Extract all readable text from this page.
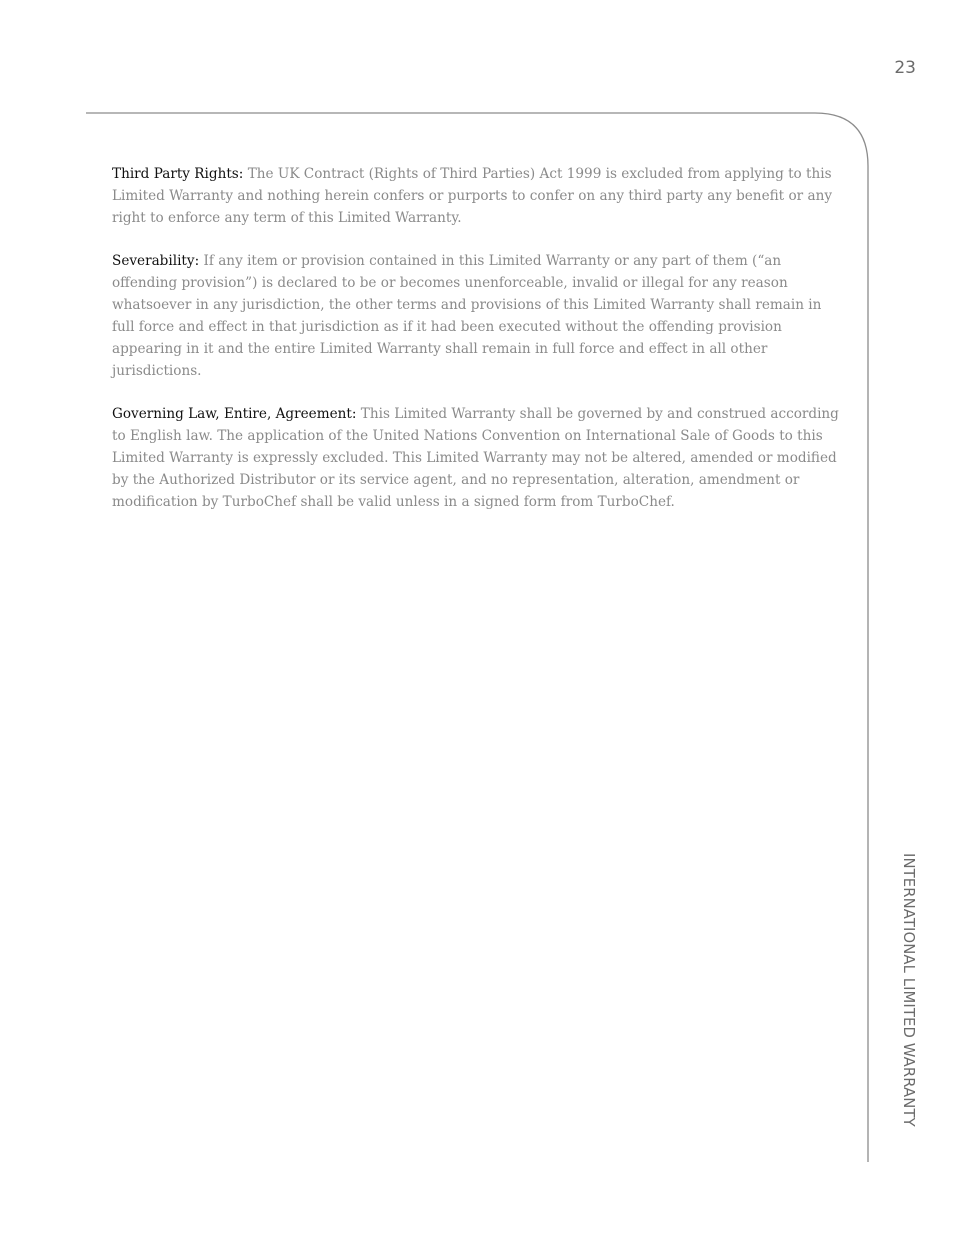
23

Third Party Rights: The UK Contract (Rights of Third Parties) Act 1999 is excluded from applying to this Limited Warranty and nothing herein confers or purports to confer on any third party any benefit or any right to enforce any term of this Limited Warranty.

Severability: If any item or provision contained in this Limited Warranty or any part of them (“an offending provision”) is declared to be or becomes unenforceable, invalid or illegal for any reason whatsoever in any jurisdiction, the other terms and provisions of this Limited Warranty shall remain in full force and effect in that jurisdiction as if it had been executed without the offending provision appearing in it and the entire Limited Warranty shall remain in full force and effect in all other jurisdictions.

Governing Law, Entire, Agreement: This Limited Warranty shall be governed by and construed according to English law. The application of the United Nations Convention on International Sale of Goods to this Limited Warranty is expressly excluded. This Limited Warranty may not be altered, amended or modified by the Authorized Distributor or its service agent, and no representation, alteration, amendment or modification by TurboChef shall be valid unless in a signed form from TurboChef.

INTERNATIONAL LIMITED WARRANTY
